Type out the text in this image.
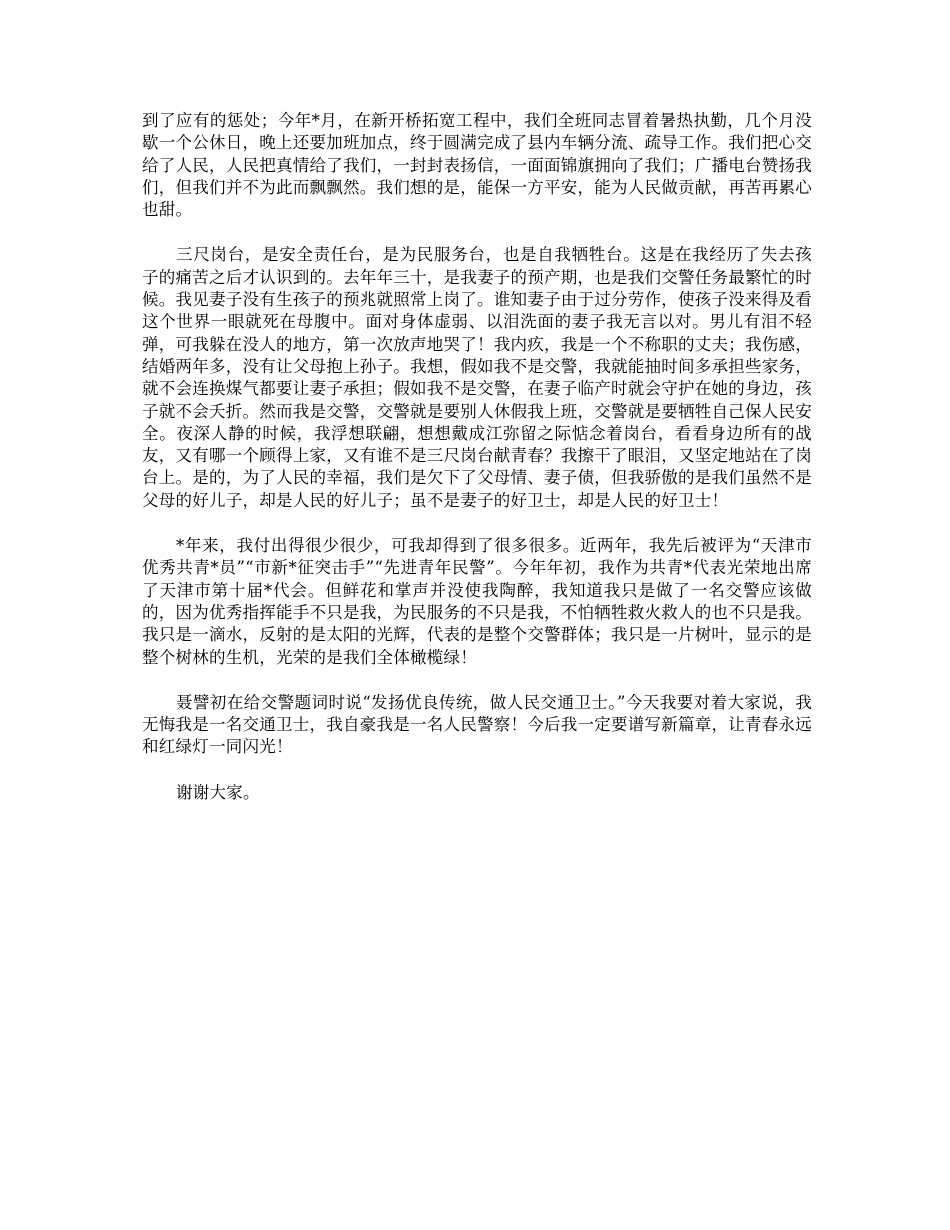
到了应有的惩处；今年*月，在新开桥拓宽工程中，我们全班同志冒着暑热执勤，几个月没歇一个公休日，晚上还要加班加点，终于圆满完成了县内车辆分流、疏导工作。我们把心交给了人民，人民把真情给了我们，一封封表扬信，一面面锦旗拥向了我们；广播电台赞扬我们，但我们并不为此而飘飘然。我们想的是，能保一方平安，能为人民做贡献，再苦再累心也甜。

三尺岗台，是安全责任台，是为民服务台，也是自我牺牲台。这是在我经历了失去孩子的痛苦之后才认识到的。去年年三十，是我妻子的预产期，也是我们交警任务最繁忙的时候。我见妻子没有生孩子的预兆就照常上岗了。谁知妻子由于过分劳作，使孩子没来得及看这个世界一眼就死在母腹中。面对身体虚弱、以泪洗面的妻子我无言以对。男儿有泪不轻弹，可我躲在没人的地方，第一次放声地哭了！我内疚，我是一个不称职的丈夫；我伤感，结婚两年多，没有让父母抱上孙子。我想，假如我不是交警，我就能抽时间多承担些家务，就不会连换煤气都要让妻子承担；假如我不是交警，在妻子临产时就会守护在她的身边，孩子就不会夭折。然而我是交警，交警就是要别人休假我上班，交警就是要牺牲自己保人民安全。夜深人静的时候，我浮想联翩，想想戴成江弥留之际惦念着岗台，看看身边所有的战友，又有哪一个顾得上家，又有谁不是三尺岗台献青春？我擦干了眼泪，又坚定地站在了岗台上。是的，为了人民的幸福，我们是欠下了父母情、妻子债，但我骄傲的是我们虽然不是父母的好儿子，却是人民的好儿子；虽不是妻子的好卫士，却是人民的好卫士！

*年来，我付出得很少很少，可我却得到了很多很多。近两年，我先后被评为“天津市优秀共青*员”“市新*征突击手”“先进青年民警”。今年年初，我作为共青*代表光荣地出席了天津市第十届*代会。但鲜花和掌声并没使我陶醉，我知道我只是做了一名交警应该做的，因为优秀指挥能手不只是我，为民服务的不只是我，不怕牺牲救火救人的也不只是我。我只是一滴水，反射的是太阳的光辉，代表的是整个交警群体；我只是一片树叶，显示的是整个树林的生机，光荣的是我们全体橄榄绿！

聂譬初在给交警题词时说“发扬优良传统，做人民交通卫士。”今天我要对着大家说，我无悔我是一名交通卫士，我自豪我是一名人民警察！今后我一定要谱写新篇章，让青春永远和红绿灯一同闪光！

谢谢大家。
